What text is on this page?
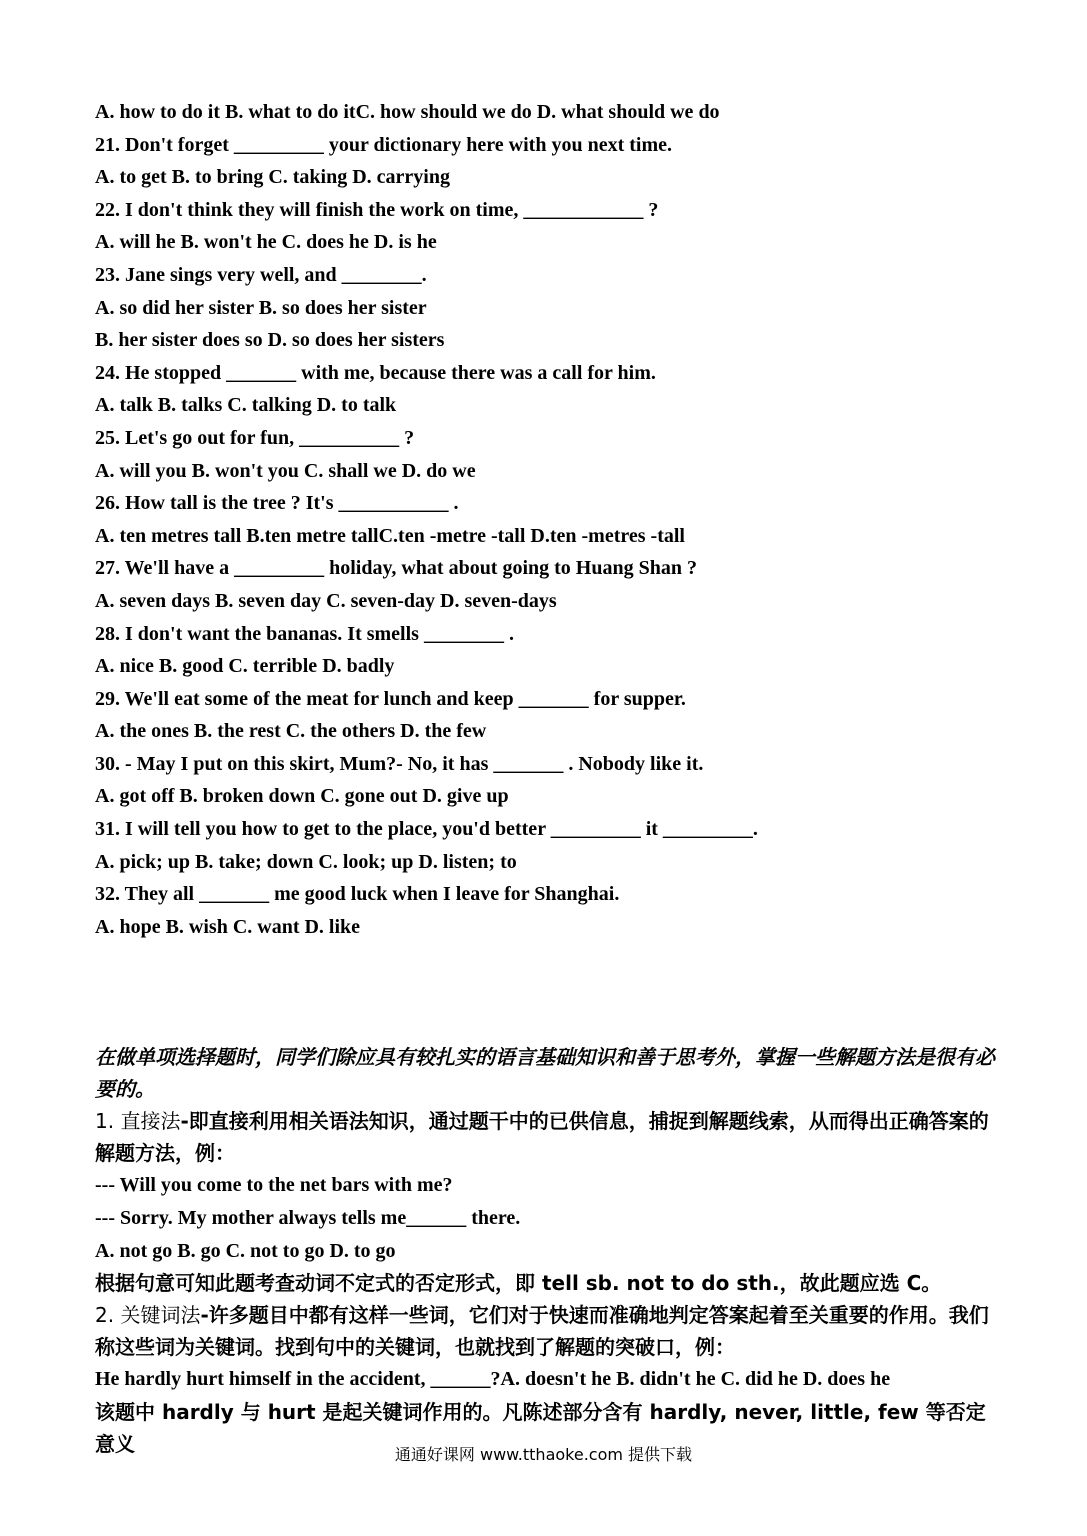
A. how to do it B. what to do itC. how should we do D. what should we do
21. Don't forget _________ your dictionary here with you next time.
A. to get B. to bring C. taking D. carrying
22. I don't think they will finish the work on time, ____________ ?
A. will he B. won't he C. does he D. is he
23. Jane sings very well, and ________.
A. so did her sister B. so does her sister
B. her sister does so D. so does her sisters
24. He stopped _______ with me, because there was a call for him.
A. talk B. talks C. talking D. to talk
25. Let's go out for fun, __________ ?
A. will you B. won't you C. shall we D. do we
26. How tall is the tree ? It's ___________ .
A. ten metres tall B.ten metre tallC.ten -metre -tall D.ten -metres -tall
27. We'll have a _________ holiday, what about going to Huang Shan ?
A. seven days B. seven day C. seven-day D. seven-days
28. I don't want the bananas. It smells ________ .
A. nice B. good C. terrible D. badly
29. We'll eat some of the meat for lunch and keep _______ for supper.
A. the ones B. the rest C. the others D. the few
30. - May I put on this skirt, Mum?- No, it has _______ . Nobody like it.
A. got off B. broken down C. gone out D. give up
31. I will tell you how to get to the place, you'd better _________ it _________.
A. pick; up B. take; down C. look; up D. listen; to
32. They all _______ me good luck when I leave for Shanghai.
A. hope B. wish C. want D. like

在做单项选择题时，同学们除应具有较扎实的语言基础知识和善于思考外，掌握一些解题方法是很有必要的。

1. 直接法-即直接利用相关语法知识，通过题干中的已供信息，捕捉到解题线索，从而得出正确答案的解题方法，例：

--- Will you come to the net bars with me?

--- Sorry. My mother always tells me______ there.

A. not go B. go C. not to go D. to go

根据句意可知此题考查动词不定式的否定形式，即 tell sb. not to do sth.，故此题应选 C。

2. 关键词法-许多题目中都有这样一些词，它们对于快速而准确地判定答案起着至关重要的作用。我们称这些词为关键词。找到句中的关键词，也就找到了解题的突破口，例：

He hardly hurt himself in the accident, ______?A. doesn't he B. didn't he C. did he D. does he

该题中 hardly 与 hurt 是起关键词作用的。凡陈述部分含有 hardly, never, little, few 等否定意义	通通好课网 www.tthaoke.com 提供下载
